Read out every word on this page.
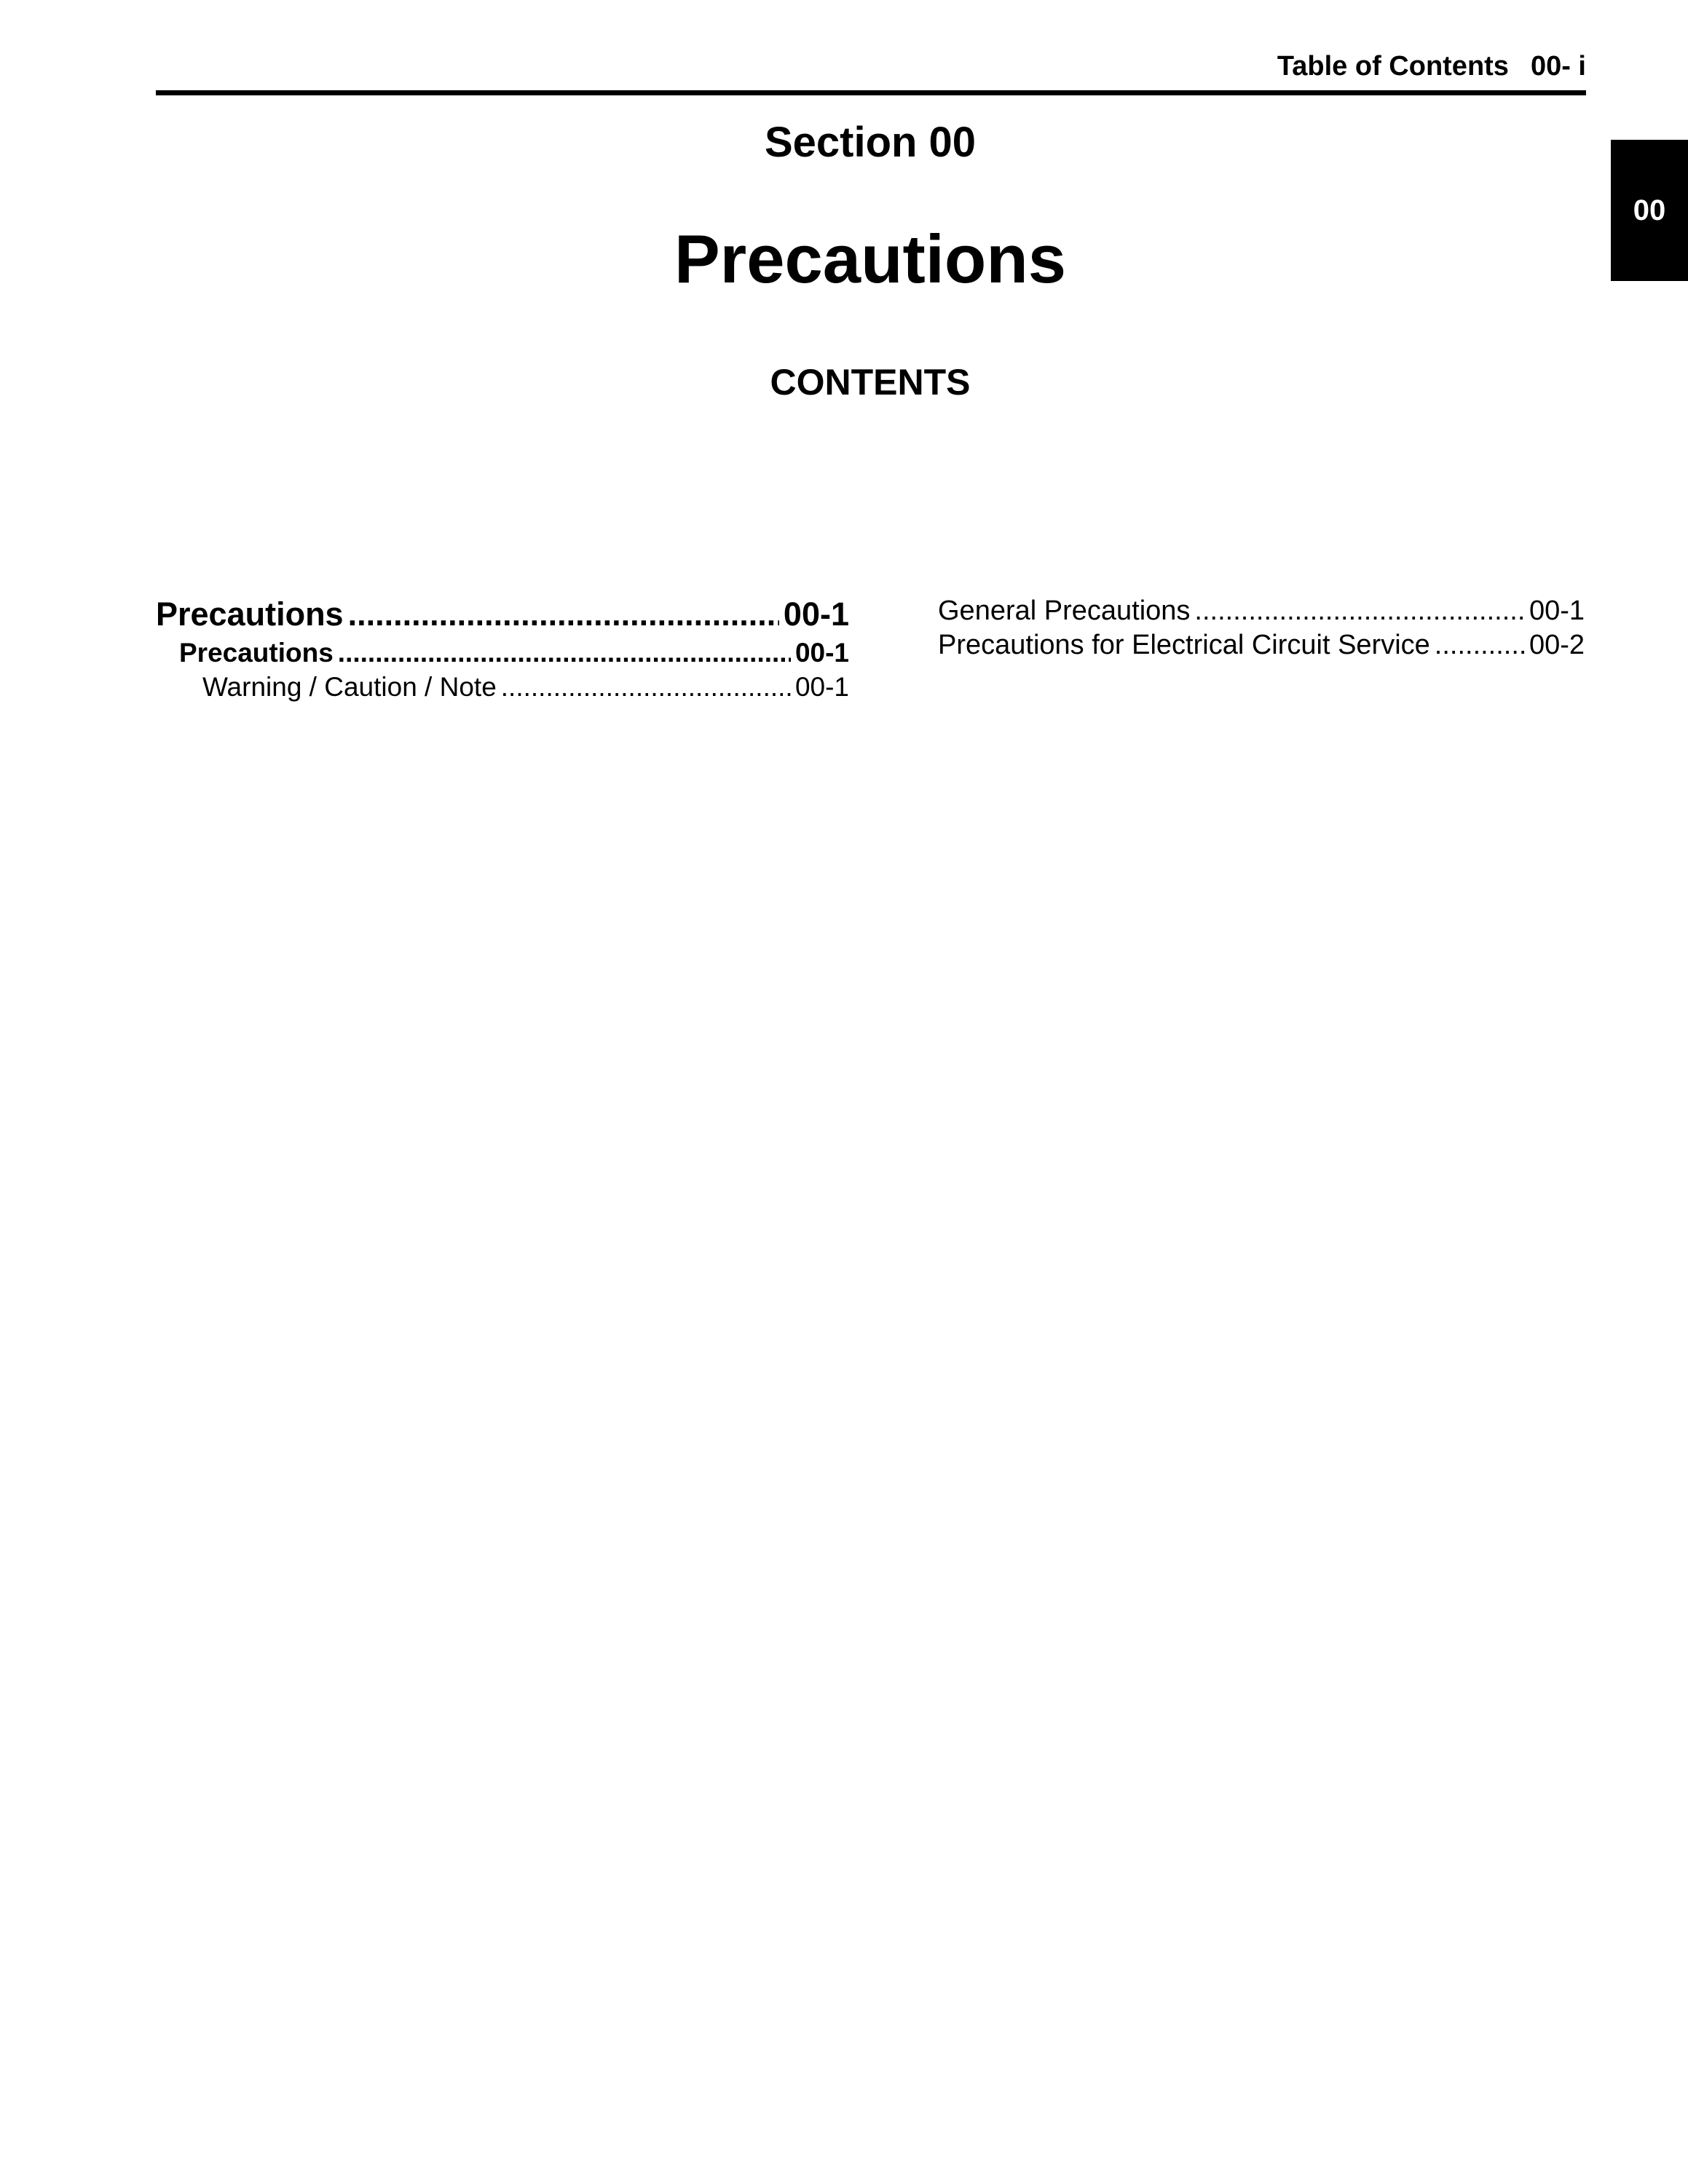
Table of Contents 00- i
00
Section 00
Precautions
CONTENTS
Precautions .....	00-1
Precautions .....	00-1
Warning / Caution / Note .....	00-1
General Precautions .....	00-1
Precautions for Electrical Circuit Service .....	00-2
